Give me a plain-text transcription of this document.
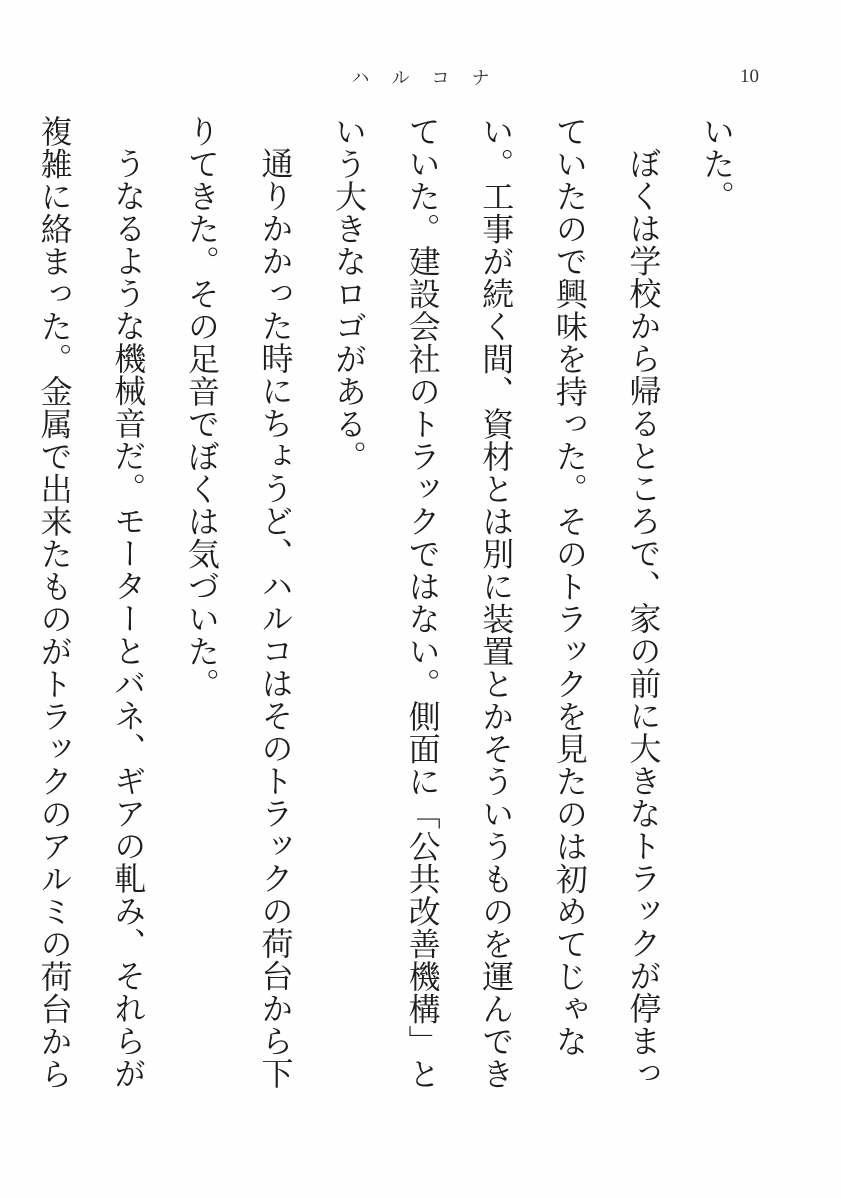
ハルコナ	10

いた。

ぼくは学校から帰るところで、家の前に大きなトラックが停まっていたので興味を持った。そのトラックを見たのは初めてじゃない。工事が続く間、資材とは別に装置とかそういうものを運んできていた。建設会社のトラックではない。側面に「公共改善機構」という大きなロゴがある。

通りかかった時にちょうど、ハルコはそのトラックの荷台から下りてきた。その足音でぼくは気づいた。

うなるような機械音だ。モーターとバネ、ギアの軋み、それらが複雑に絡まった。金属で出来たものがトラックのアルミの荷台から
